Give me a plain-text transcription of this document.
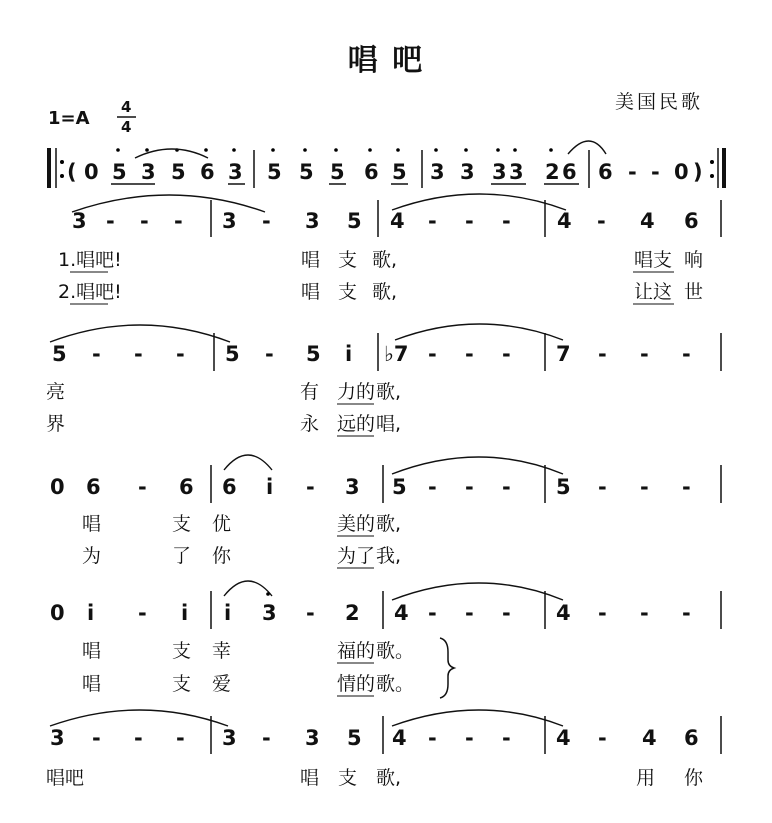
唱 吧
美国民歌
1=A
4
4
( 0 5 3 5 6 3 5 5 5 6 5 3 3 3 3 2 6 6 - - 0 )
3 - - - 3 - 3 5 4 - - - 4 - 4 6
1.唱吧!	唱 支 歌,	唱支 响
2.唱吧!	唱 支 歌,	让这 世
5 - - - 5 - 5 i ♭7 - - - 7 - - -
亮	有 力的 歌,
界	永 远的 唱,
0 6 - 6 6 i - 3 5 - - - 5 - - -
唱	支 优	美的 歌,
为	了 你	为了 我,
0 i - i i 3 - 2 4 - - - 4 - - -
唱	支 幸	福的 歌。
唱	支 爱	情的 歌。
3 - - - 3 - 3 5 4 - - - 4 - 4 6
唱吧	唱 支 歌,	用 你
